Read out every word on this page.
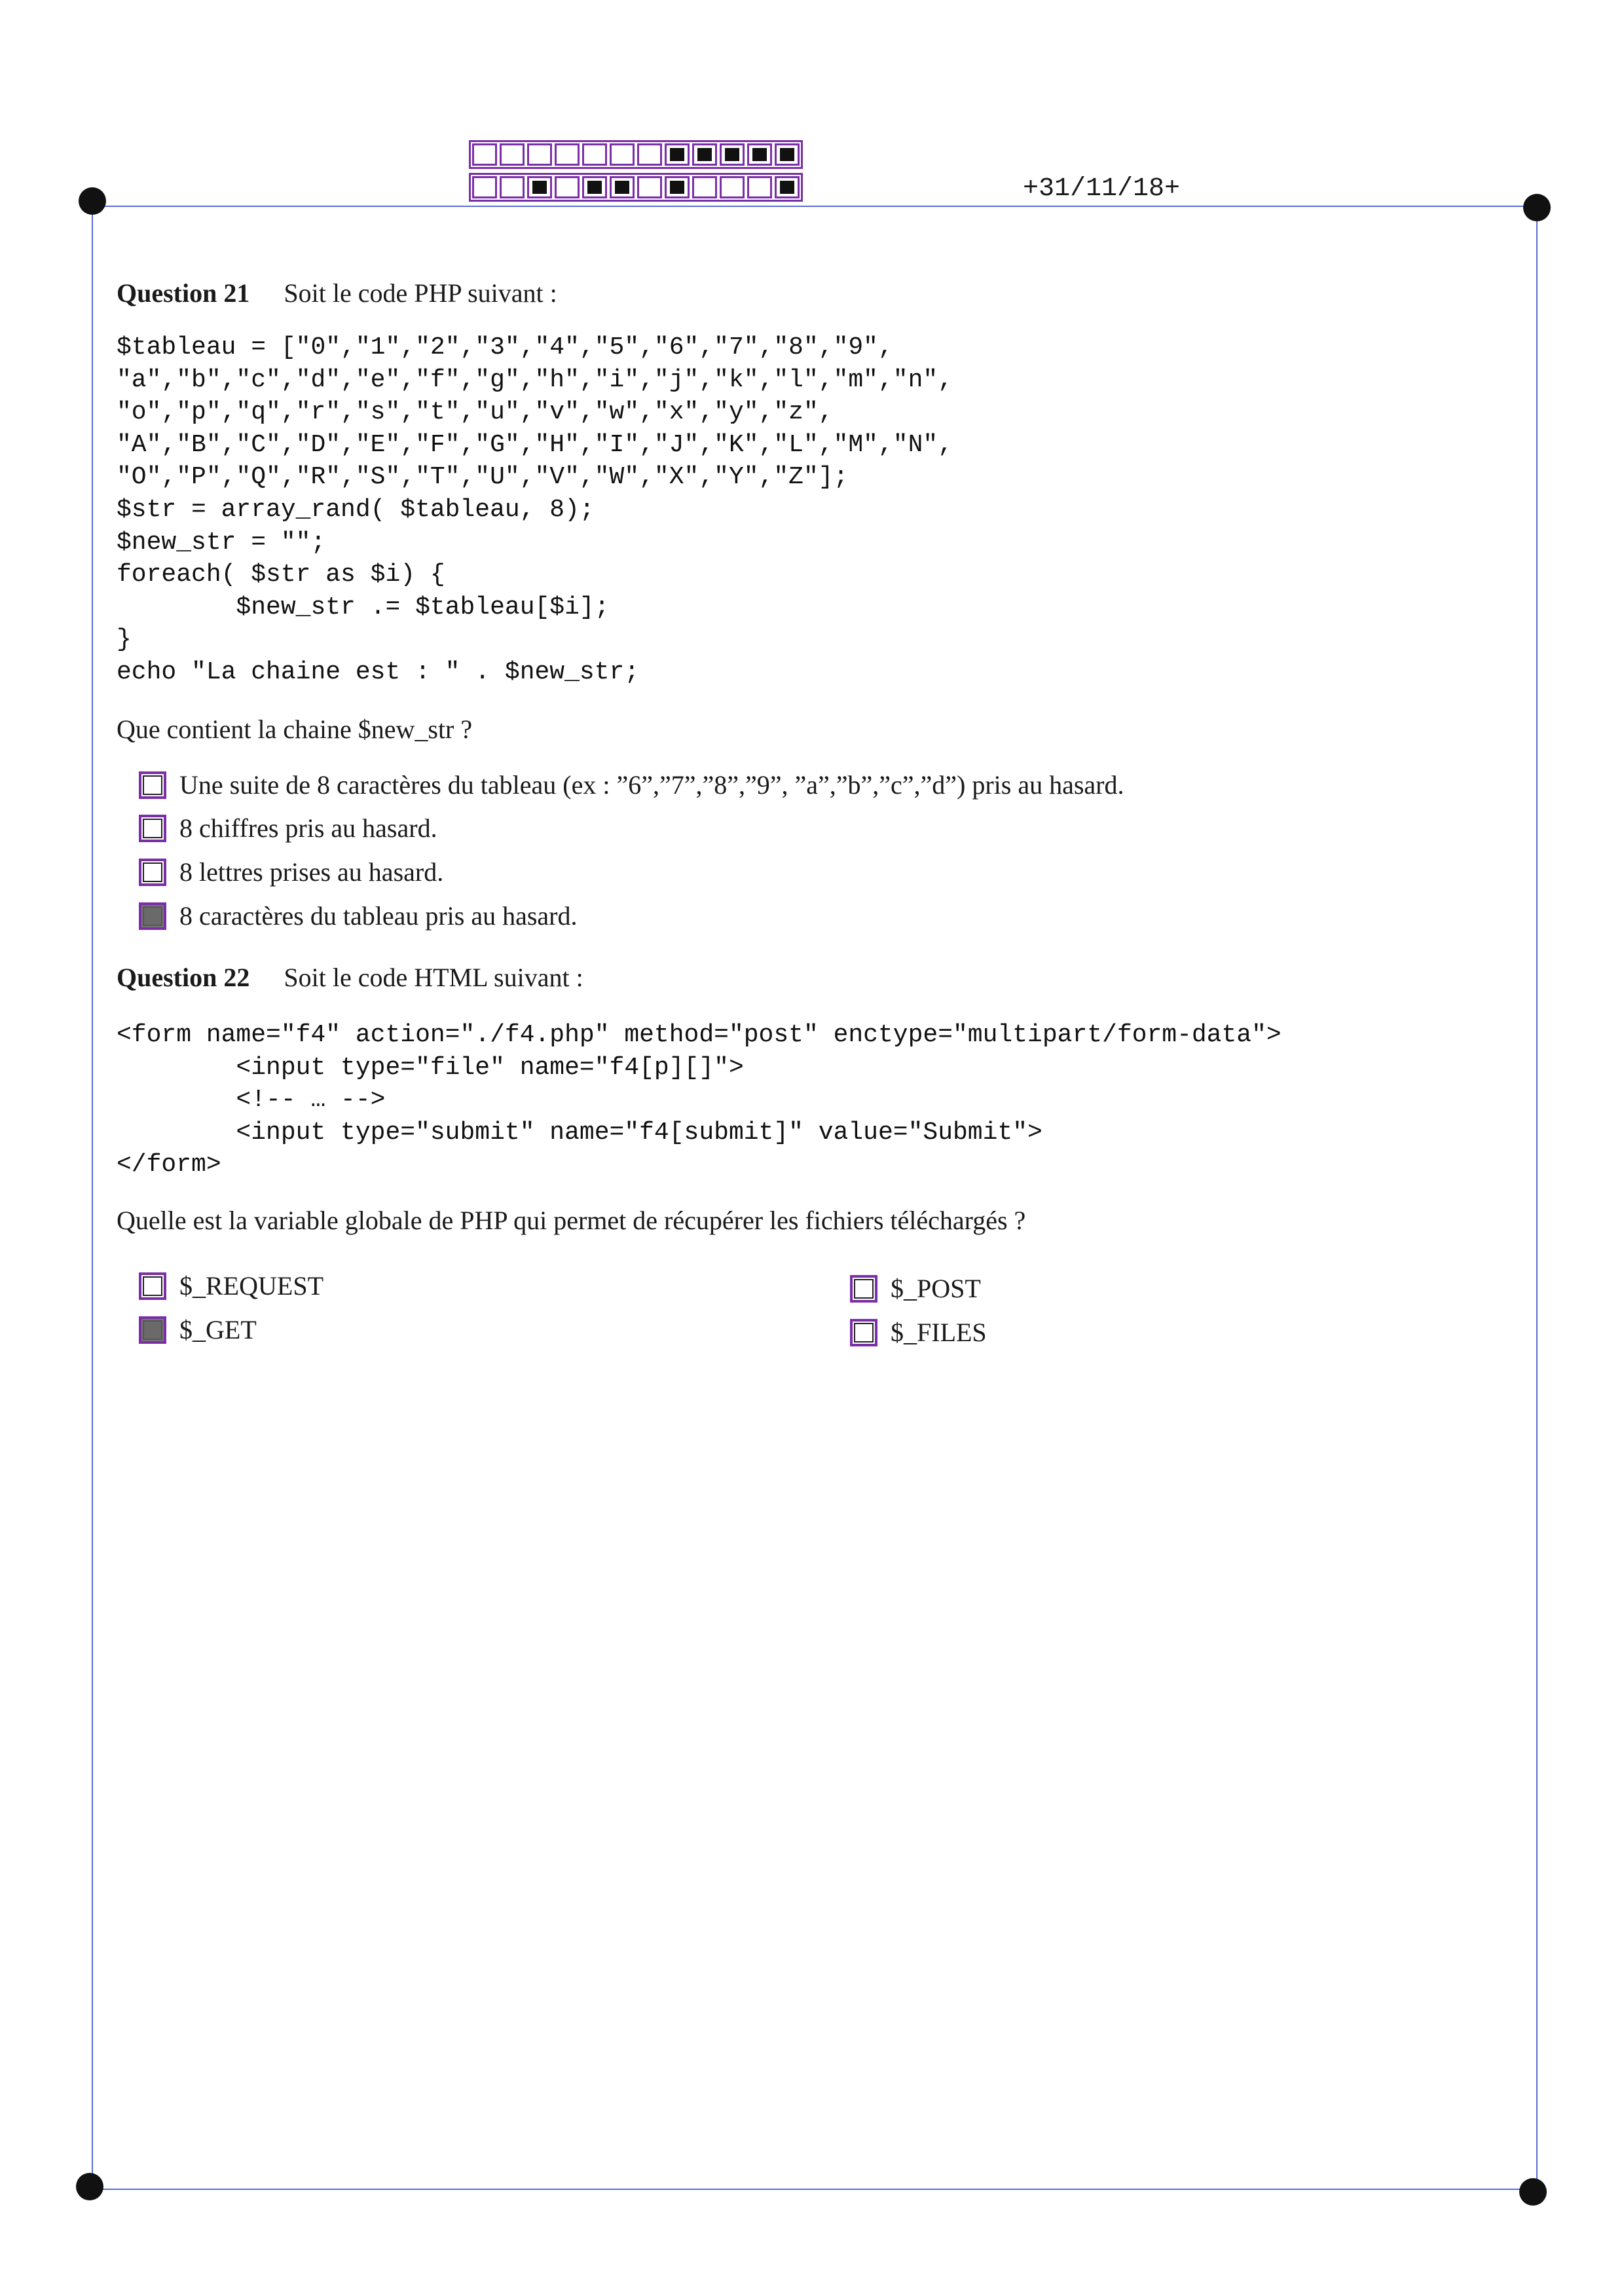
+31/11/18+
Question 21 Soit le code PHP suivant :
$tableau = ["0","1","2","3","4","5","6","7","8","9",
"a","b","c","d","e","f","g","h","i","j","k","l","m","n",
"o","p","q","r","s","t","u","v","w","x","y","z",
"A","B","C","D","E","F","G","H","I","J","K","L","M","N",
"O","P","Q","R","S","T","U","V","W","X","Y","Z"];
$str = array_rand( $tableau, 8);
$new_str = "";
foreach( $str as $i) {
$new_str .= $tableau[$i];
}
echo "La chaine est : " . $new_str;
Que contient la chaine $new_str ?
Une suite de 8 caractères du tableau (ex : ”6”,”7”,”8”,”9”, ”a”,”b”,”c”,”d”) pris au hasard.
8 chiffres pris au hasard.
8 lettres prises au hasard.
8 caractères du tableau pris au hasard.
Question 22 Soit le code HTML suivant :
<form name="f4" action="./f4.php" method="post" enctype="multipart/form-data">
<input type="file" name="f4[p][]">
<!-- … -->
<input type="submit" name="f4[submit]" value="Submit">
</form>
Quelle est la variable globale de PHP qui permet de récupérer les fichiers téléchargés ?
$_REQUEST
$_GET
$_POST
$_FILES
